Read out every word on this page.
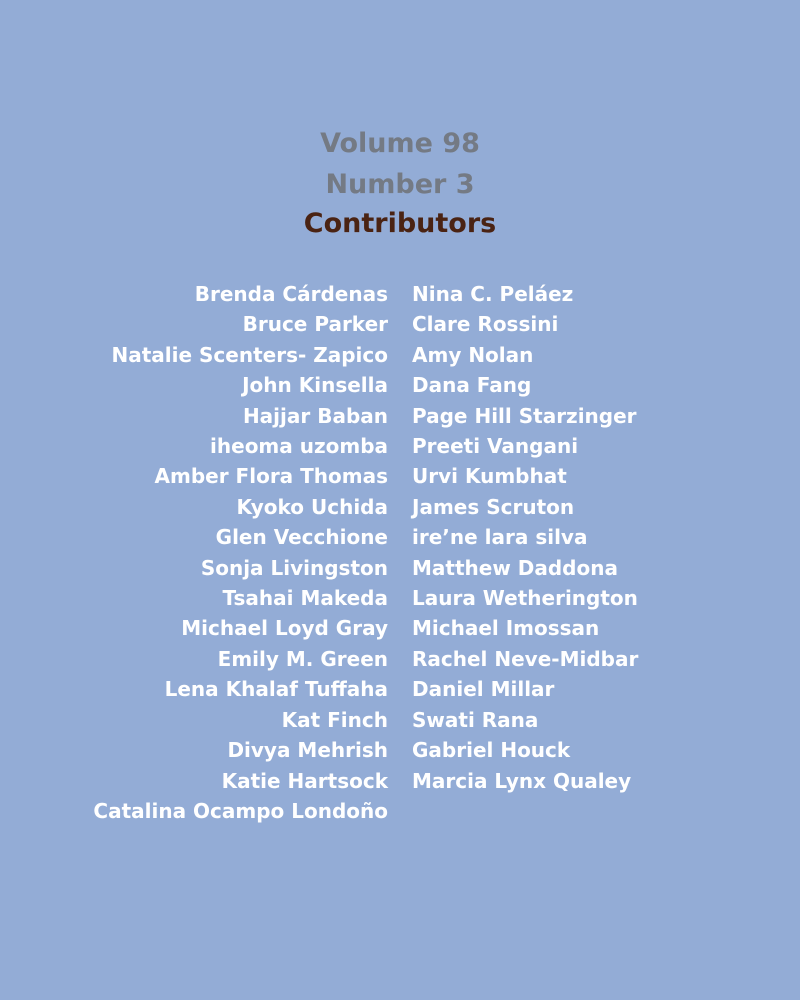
Volume 98
Number 3
Contributors
Brenda Cárdenas
Bruce Parker
Natalie Scenters- Zapico
John Kinsella
Hajjar Baban
iheoma uzomba
Amber Flora Thomas
Kyoko Uchida
Glen Vecchione
Sonja Livingston
Tsahai Makeda
Michael Loyd Gray
Emily M. Green
Lena Khalaf Tuffaha
Kat Finch
Divya Mehrish
Katie Hartsock
Catalina Ocampo Londoño
Nina C. Peláez
Clare Rossini
Amy Nolan
Dana Fang
Page Hill Starzinger
Preeti Vangani
Urvi Kumbhat
James Scruton
ire’ne lara silva
Matthew Daddona
Laura Wetherington
Michael Imossan
Rachel Neve-Midbar
Daniel Millar
Swati Rana
Gabriel Houck
Marcia Lynx Qualey
